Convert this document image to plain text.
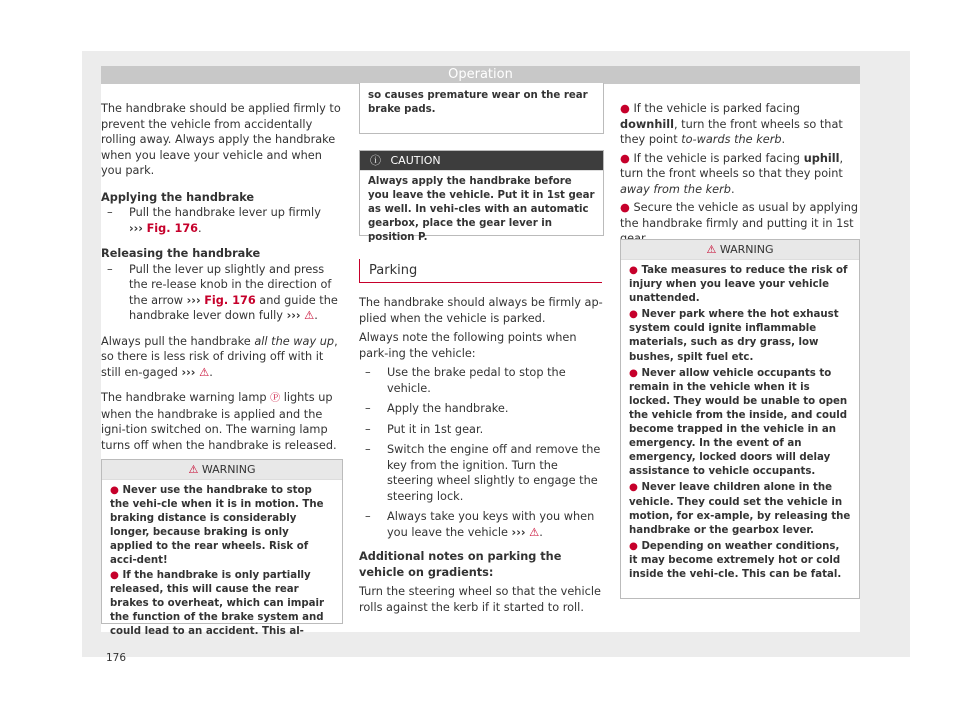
Operation

The handbrake should be applied firmly to prevent the vehicle from accidentally rolling away. Always apply the handbrake when you leave your vehicle and when you park.

Applying the handbrake

–	Pull the handbrake lever up firmly
››› Fig. 176.

Releasing the handbrake

–	Pull the lever up slightly and press the re-lease knob in the direction of the arrow ››› Fig. 176 and guide the handbrake lever down fully ››› ⚠.

Always pull the handbrake all the way up, so there is less risk of driving off with it still en-gaged ››› ⚠.

The handbrake warning lamp Ⓟ lights up when the handbrake is applied and the igni-tion switched on. The warning lamp turns off when the handbrake is released.

⚠ WARNING

● Never use the handbrake to stop the vehi-cle when it is in motion. The braking distance is considerably longer, because braking is only applied to the rear wheels. Risk of acci-dent!

● If the handbrake is only partially released, this will cause the rear brakes to overheat, which can impair the function of the brake system and could lead to an accident. This al-

so causes premature wear on the rear brake pads.

ⓘ CAUTION

Always apply the handbrake before you leave the vehicle. Put it in 1st gear as well. In vehi-cles with an automatic gearbox, place the gear lever in position P.

Parking

The handbrake should always be firmly ap-plied when the vehicle is parked.

Always note the following points when park-ing the vehicle:

–	Use the brake pedal to stop the vehicle.
–	Apply the handbrake.
–	Put it in 1st gear.
–	Switch the engine off and remove the key from the ignition. Turn the steering wheel slightly to engage the steering lock.
–	Always take you keys with you when you leave the vehicle ››› ⚠.

Additional notes on parking the vehicle on gradients:

Turn the steering wheel so that the vehicle rolls against the kerb if it started to roll.

● If the vehicle is parked facing downhill, turn the front wheels so that they point to-wards the kerb.

● If the vehicle is parked facing uphill, turn the front wheels so that they point away from the kerb.

● Secure the vehicle as usual by applying the handbrake firmly and putting it in 1st

⚠ WARNING

● Take measures to reduce the risk of injury when you leave your vehicle unattended.

● Never park where the hot exhaust system could ignite inflammable materials, such as dry grass, low bushes, spilt fuel etc.

● Never allow vehicle occupants to remain in the vehicle when it is locked. They would be unable to open the vehicle from the inside, and could become trapped in the vehicle in an emergency. In the event of an emergency, locked doors will delay assistance to vehicle occupants.

● Never leave children alone in the vehicle. They could set the vehicle in motion, for ex-ample, by releasing the handbrake or the gearbox lever.

● Depending on weather conditions, it may become extremely hot or cold inside the vehi-cle. This can be fatal.

176
